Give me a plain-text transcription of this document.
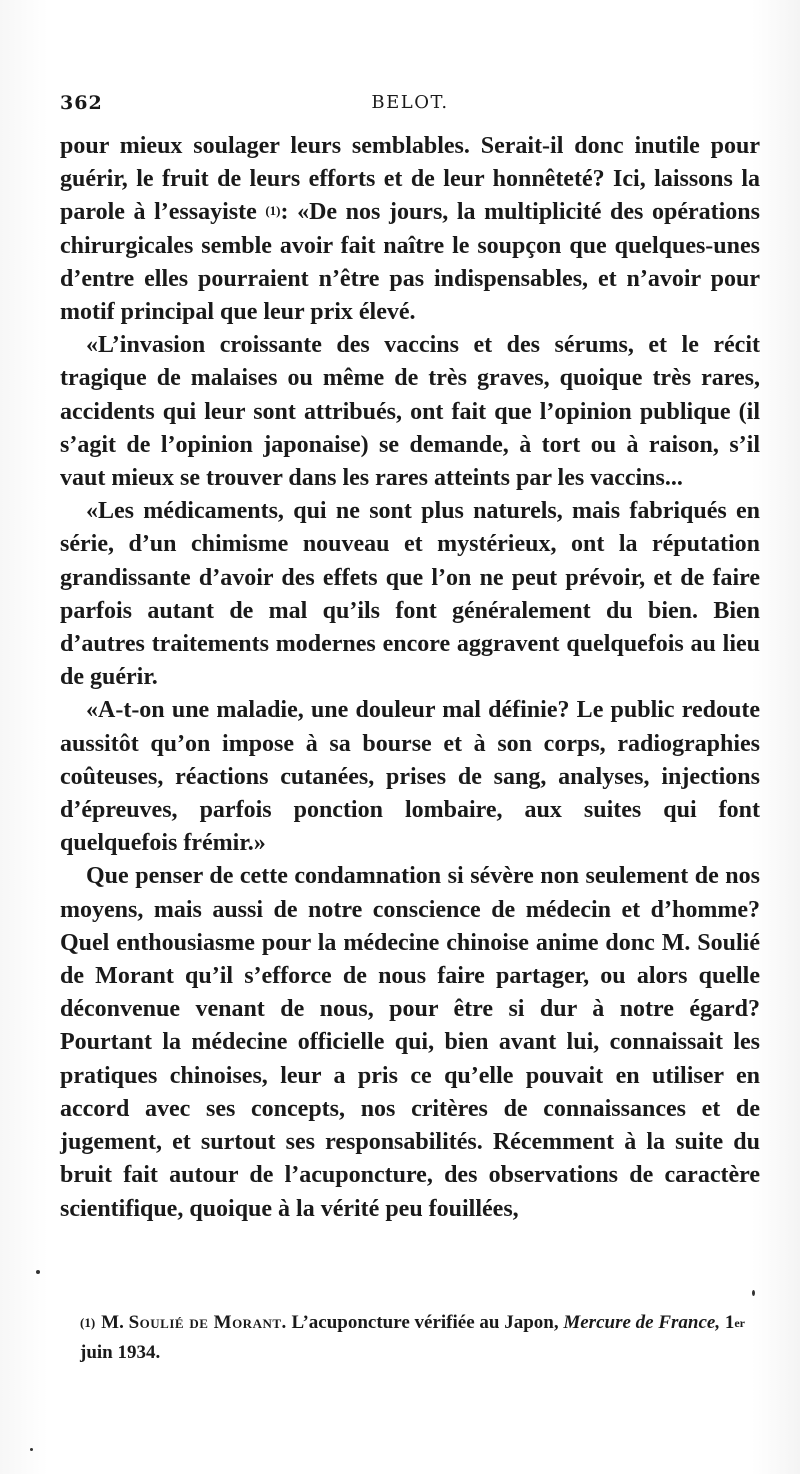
362	BELOT.

pour mieux soulager leurs semblables. Serait-il donc inutile pour guérir, le fruit de leurs efforts et de leur honnêteté? Ici, laissons la parole à l’essayiste $^{(1)}$: «De nos jours, la multiplicité des opérations chirurgicales semble avoir fait naître le soupçon que quelques-unes d’entre elles pourraient n’être pas indispensables, et n’avoir pour motif principal que leur prix élevé.

«L’invasion croissante des vaccins et des sérums, et le récit tragique de malaises ou même de très graves, quoique très rares, accidents qui leur sont attribués, ont fait que l’opinion publique (il s’agit de l’opinion japonaise) se demande, à tort ou à raison, s’il vaut mieux se trouver dans les rares atteints par les vaccins...

«Les médicaments, qui ne sont plus naturels, mais fabriqués en série, d’un chimisme nouveau et mystérieux, ont la réputation grandissante d’avoir des effets que l’on ne peut prévoir, et de faire parfois autant de mal qu’ils font généralement du bien. Bien d’autres traitements modernes encore aggravent quelquefois au lieu de guérir.

«A-t-on une maladie, une douleur mal définie? Le public redoute aussitôt qu’on impose à sa bourse et à son corps, radiographies coûteuses, réactions cutanées, prises de sang, analyses, injections d’épreuves, parfois ponction lombaire, aux suites qui font quelquefois frémir.»

Que penser de cette condamnation si sévère non seulement de nos moyens, mais aussi de notre conscience de médecin et d’homme? Quel enthousiasme pour la médecine chinoise anime donc M. Soulié de Morant qu’il s’efforce de nous faire partager, ou alors quelle déconvenue venant de nous, pour être si dur à notre égard? Pourtant la médecine officielle qui, bien avant lui, connaissait les pratiques chinoises, leur a pris ce qu’elle pouvait en utiliser en accord avec ses concepts, nos critères de connaissances et de jugement, et surtout ses responsabilités. Récemment à la suite du bruit fait autour de l’acuponcture, des observations de caractère scientifique, quoique à la vérité peu fouillées,

$^{(1)}$ M. Soulié de Morant. L’acuponcture vérifiée au Japon, Mercure de France, 1er juin 1934.
